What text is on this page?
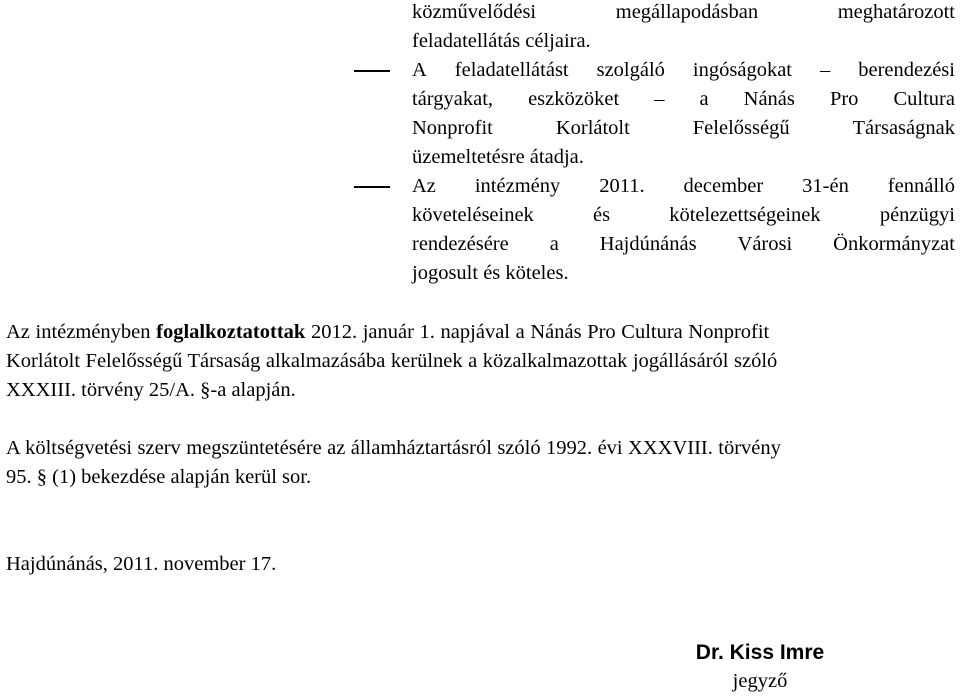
közművelődési	megállapodásban	meghatározott
feladatellátás céljaira.
A feladatellátást szolgáló ingóságokat – berendezési
tárgyakat, eszközöket – a Nánás Pro Cultura
Nonprofit	Korlátolt	Felelősségű	Társaságnak
üzemeltetésre átadja.
Az intézmény 2011. december 31-én fennálló
követeléseinek	és	kötelezettségeinek	pénzügyi
rendezésére a Hajdúnánás Városi Önkormányzat
jogosult és köteles.
Az intézményben foglalkoztatottak 2012. január 1. napjával a Nánás Pro Cultura Nonprofit
Korlátolt Felelősségű Társaság alkalmazásába kerülnek a közalkalmazottak jogállásáról szóló
XXXIII. törvény 25/A. §-a alapján.
A költségvetési szerv megszüntetésére az államháztartásról szóló 1992. évi XXXVIII. törvény
95. § (1) bekezdése alapján kerül sor.
Hajdúnánás, 2011. november 17.
Dr. Kiss Imre
jegyző
